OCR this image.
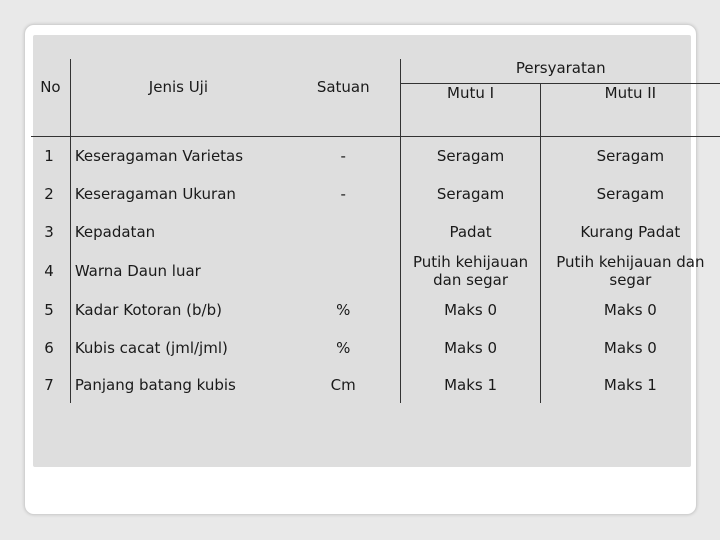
No	Jenis Uji	Satuan	Persyaratan	
			Mutu I	Mutu II
1	Keseragaman Varietas	-	Seragam	Seragam
2	Keseragaman Ukuran	-	Seragam	Seragam
3	Kepadatan		Padat	Kurang Padat
4	Warna Daun luar		Putih kehijauan dan segar	Putih kehijauan dan segar
5	Kadar Kotoran (b/b)	%	Maks 0	Maks 0
6	Kubis cacat (jml/jml)	%	Maks 0	Maks 0
7	Panjang batang kubis	Cm	Maks 1	Maks 1
